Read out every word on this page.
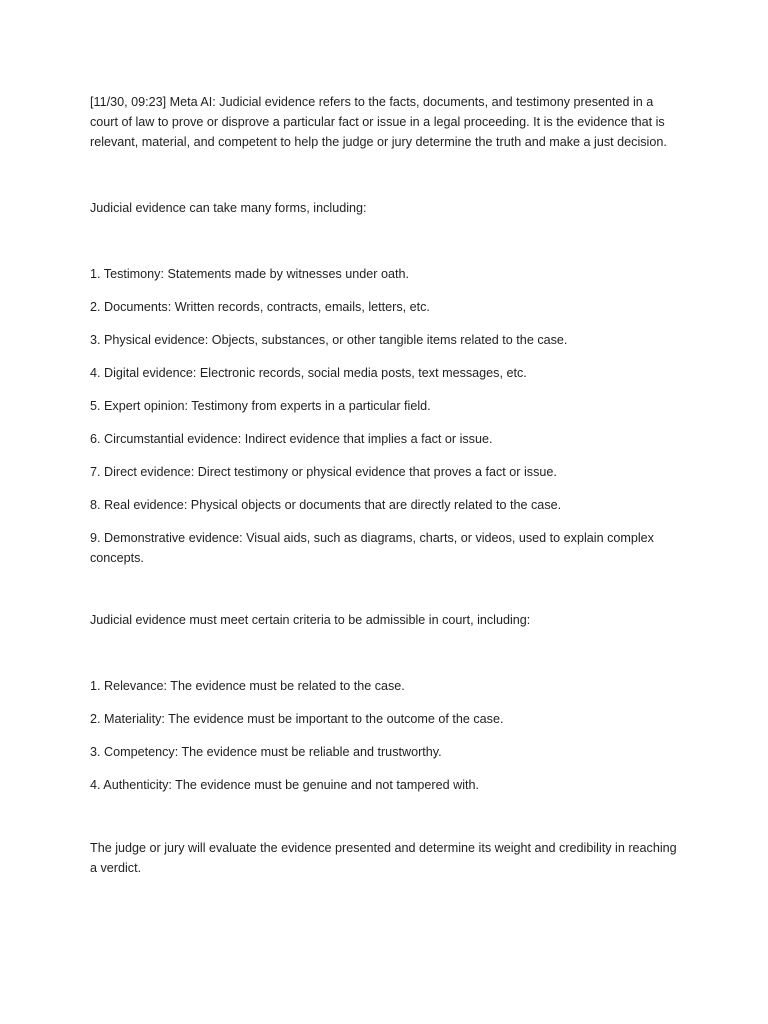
[11/30, 09:23] Meta AI: Judicial evidence refers to the facts, documents, and testimony presented in a court of law to prove or disprove a particular fact or issue in a legal proceeding. It is the evidence that is relevant, material, and competent to help the judge or jury determine the truth and make a just decision.

Judicial evidence can take many forms, including:

1. Testimony: Statements made by witnesses under oath.

2. Documents: Written records, contracts, emails, letters, etc.

3. Physical evidence: Objects, substances, or other tangible items related to the case.

4. Digital evidence: Electronic records, social media posts, text messages, etc.

5. Expert opinion: Testimony from experts in a particular field.

6. Circumstantial evidence: Indirect evidence that implies a fact or issue.

7. Direct evidence: Direct testimony or physical evidence that proves a fact or issue.

8. Real evidence: Physical objects or documents that are directly related to the case.

9. Demonstrative evidence: Visual aids, such as diagrams, charts, or videos, used to explain complex concepts.

Judicial evidence must meet certain criteria to be admissible in court, including:

1. Relevance: The evidence must be related to the case.

2. Materiality: The evidence must be important to the outcome of the case.

3. Competency: The evidence must be reliable and trustworthy.

4. Authenticity: The evidence must be genuine and not tampered with.

The judge or jury will evaluate the evidence presented and determine its weight and credibility in reaching a verdict.
